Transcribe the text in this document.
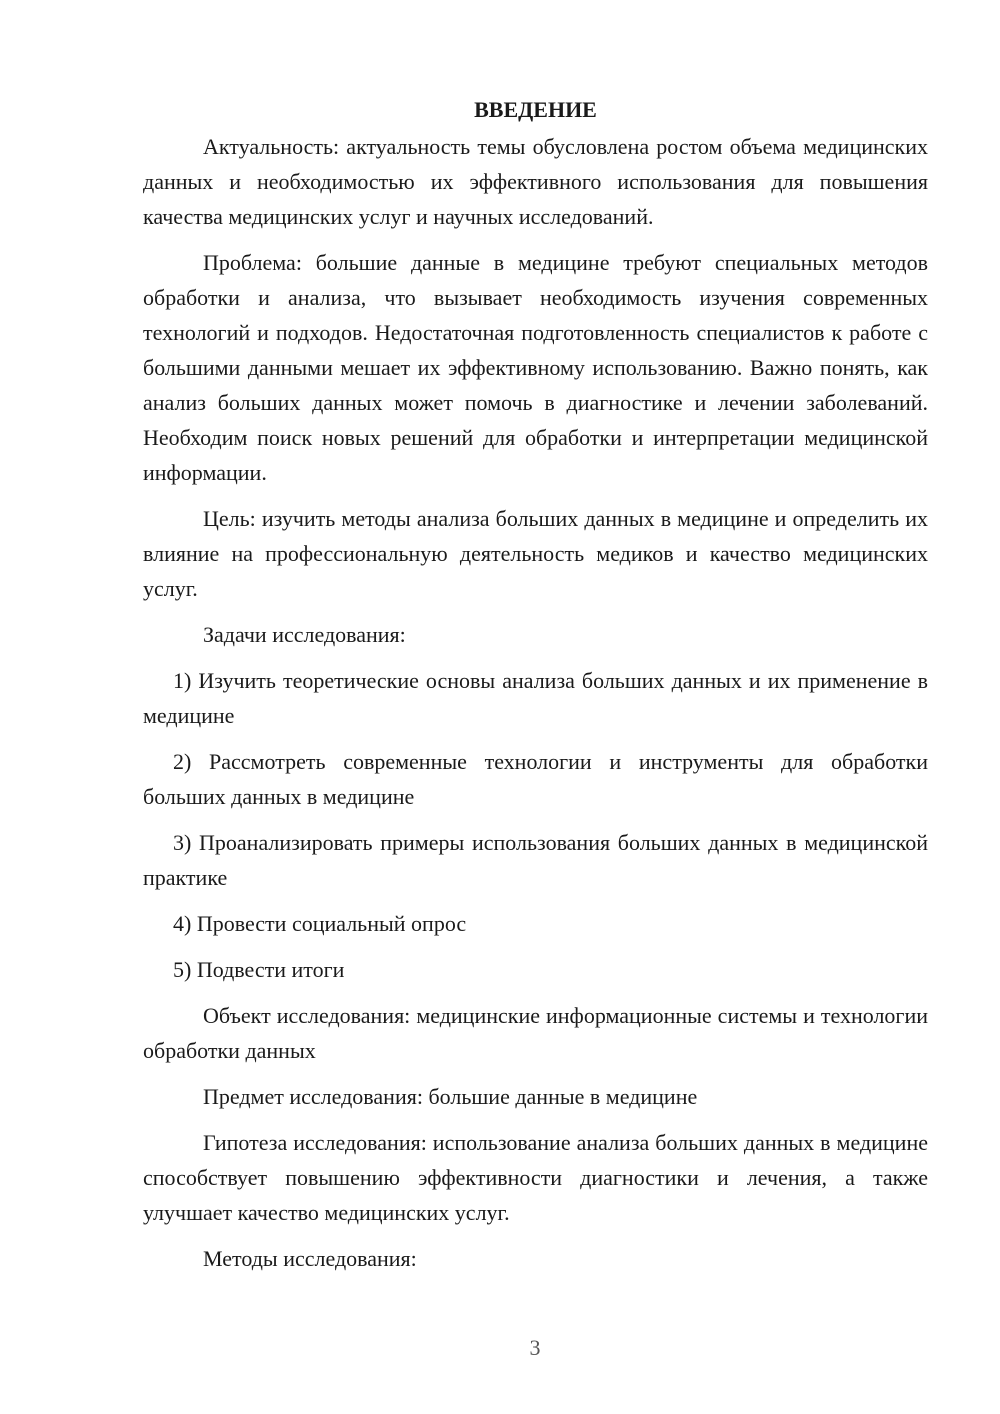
ВВЕДЕНИЕ

Актуальность: актуальность темы обусловлена ростом объема медицинских данных и необходимостью их эффективного использования для повышения качества медицинских услуг и научных исследований.

Проблема: большие данные в медицине требуют специальных методов обработки и анализа, что вызывает необходимость изучения современных технологий и подходов. Недостаточная подготовленность специалистов к работе с большими данными мешает их эффективному использованию. Важно понять, как анализ больших данных может помочь в диагностике и лечении заболеваний. Необходим поиск новых решений для обработки и интерпретации медицинской информации.

Цель: изучить методы анализа больших данных в медицине и определить их влияние на профессиональную деятельность медиков и качество медицинских услуг.

Задачи исследования:

1) Изучить теоретические основы анализа больших данных и их применение в медицине

2) Рассмотреть современные технологии и инструменты для обработки больших данных в медицине

3) Проанализировать примеры использования больших данных в медицинской практике

4) Провести социальный опрос

5) Подвести итоги

Объект исследования: медицинские информационные системы и технологии обработки данных

Предмет исследования: большие данные в медицине

Гипотеза исследования: использование анализа больших данных в медицине способствует повышению эффективности диагностики и лечения, а также улучшает качество медицинских услуг.

Методы исследования:

3
